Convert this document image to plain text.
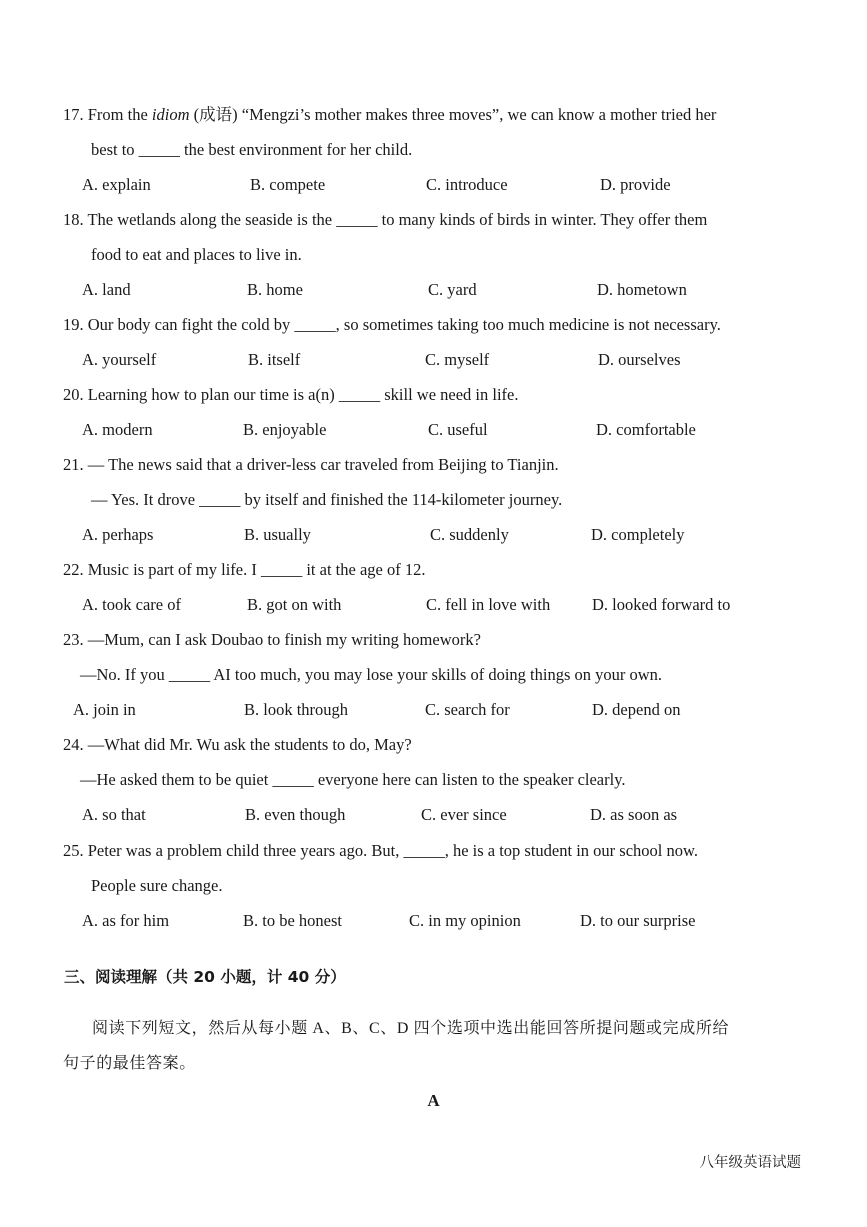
17. From the idiom (成语) “Mengzi’s mother makes three moves”, we can know a mother tried her
best to _____ the best environment for her child.
A. explain	B. compete	C. introduce	D. provide
18. The wetlands along the seaside is the _____ to many kinds of birds in winter. They offer them
food to eat and places to live in.
A. land	B. home	C. yard	D. hometown
19. Our body can fight the cold by _____, so sometimes taking too much medicine is not necessary.
A. yourself	B. itself	C. myself	D. ourselves
20. Learning how to plan our time is a(n) _____ skill we need in life.
A. modern	B. enjoyable	C. useful	D. comfortable
21. — The news said that a driver-less car traveled from Beijing to Tianjin.
— Yes. It drove _____ by itself and finished the 114-kilometer journey.
A. perhaps	B. usually	C. suddenly	D. completely
22. Music is part of my life. I _____ it at the age of 12.
A. took care of	B. got on with	C. fell in love with	D. looked forward to
23. —Mum, can I ask Doubao to finish my writing homework?
—No. If you _____ AI too much, you may lose your skills of doing things on your own.
A. join in	B. look through	C. search for	D. depend on
24. —What did Mr. Wu ask the students to do, May?
—He asked them to be quiet _____ everyone here can listen to the speaker clearly.
A. so that	B. even though	C. ever since	D. as soon as
25. Peter was a problem child three years ago. But, _____, he is a top student in our school now.
People sure change.
A. as for him	B. to be honest	C. in my opinion	D. to our surprise
三、阅读理解（共 20 小题，计 40 分）
阅读下列短文，然后从每小题 A、B、C、D 四个选项中选出能回答所提问题或完成所给
句子的最佳答案。
A
八年级英语试题
